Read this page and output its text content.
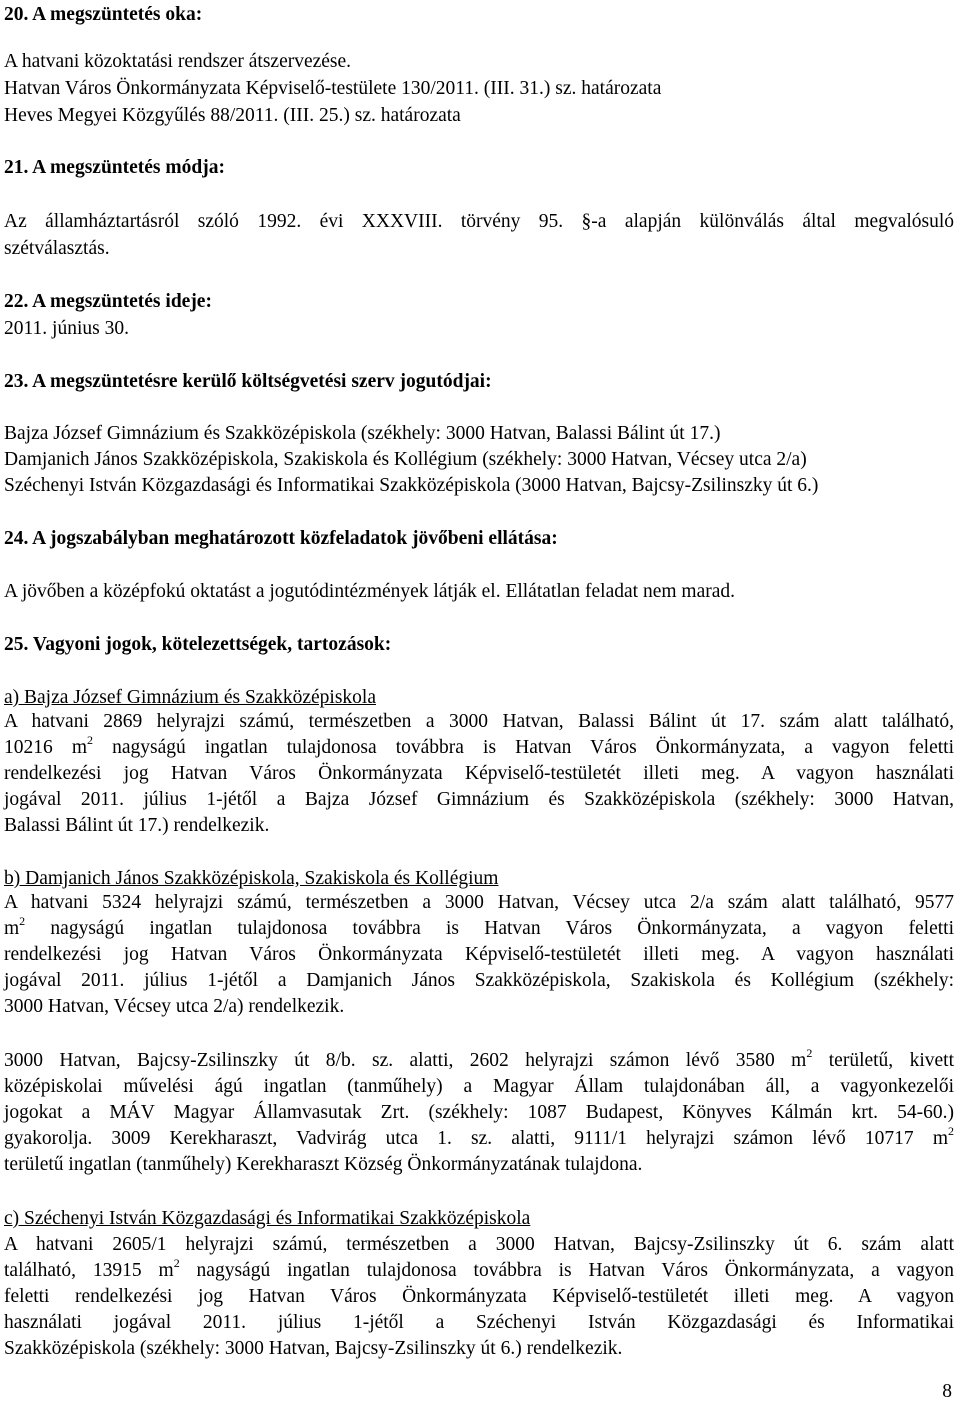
20. A megszüntetés oka:

A hatvani közoktatási rendszer átszervezése.

Hatvan Város Önkormányzata Képviselő-testülete 130/2011. (III. 31.) sz. határozata

Heves Megyei Közgyűlés 88/2011. (III. 25.) sz. határozata

21. A megszüntetés módja:

Az államháztartásról szóló 1992. évi XXXVIII. törvény 95. §-a alapján különválás által megvalósuló

szétválasztás.

22. A megszüntetés ideje:

2011. június 30.

23. A megszüntetésre kerülő költségvetési szerv jogutódjai:

Bajza József Gimnázium és Szakközépiskola (székhely: 3000 Hatvan, Balassi Bálint út 17.)

Damjanich János Szakközépiskola, Szakiskola és Kollégium (székhely: 3000 Hatvan, Vécsey utca 2/a)

Széchenyi István Közgazdasági és Informatikai Szakközépiskola (3000 Hatvan, Bajcsy-Zsilinszky út 6.)

24. A jogszabályban meghatározott közfeladatok jövőbeni ellátása:

A jövőben a középfokú oktatást a jogutódintézmények látják el. Ellátatlan feladat nem marad.

25. Vagyoni jogok, kötelezettségek, tartozások:

a) Bajza József Gimnázium és Szakközépiskola

A hatvani 2869 helyrajzi számú, természetben a 3000 Hatvan, Balassi Bálint út 17. szám alatt található,

10216 $m^2$ nagyságú ingatlan tulajdonosa továbbra is Hatvan Város Önkormányzata, a vagyon feletti

rendelkezési jog Hatvan Város Önkormányzata Képviselő-testületét illeti meg. A vagyon használati

jogával 2011. július 1-jétől a Bajza József Gimnázium és Szakközépiskola (székhely: 3000 Hatvan,

Balassi Bálint út 17.) rendelkezik.

b) Damjanich János Szakközépiskola, Szakiskola és Kollégium

A hatvani 5324 helyrajzi számú, természetben a 3000 Hatvan, Vécsey utca 2/a szám alatt található, 9577

$m^2$ nagyságú ingatlan tulajdonosa továbbra is Hatvan Város Önkormányzata, a vagyon feletti

rendelkezési jog Hatvan Város Önkormányzata Képviselő-testületét illeti meg. A vagyon használati

jogával 2011. július 1-jétől a Damjanich János Szakközépiskola, Szakiskola és Kollégium (székhely:

3000 Hatvan, Vécsey utca 2/a) rendelkezik.

3000 Hatvan, Bajcsy-Zsilinszky út 8/b. sz. alatti, 2602 helyrajzi számon lévő 3580 $m^2$ területű, kivett

középiskolai művelési ágú ingatlan (tanműhely) a Magyar Állam tulajdonában áll, a vagyonkezelői

jogokat a MÁV Magyar Államvasutak Zrt. (székhely: 1087 Budapest, Könyves Kálmán krt. 54-60.)

gyakorolja. 3009 Kerekharaszt, Vadvirág utca 1. sz. alatti, 9111/1 helyrajzi számon lévő 10717 $m^2$

területű ingatlan (tanműhely) Kerekharaszt Község Önkormányzatának tulajdona.

c) Széchenyi István Közgazdasági és Informatikai Szakközépiskola

A hatvani 2605/1 helyrajzi számú, természetben a 3000 Hatvan, Bajcsy-Zsilinszky út 6. szám alatt

található, 13915 $m^2$ nagyságú ingatlan tulajdonosa továbbra is Hatvan Város Önkormányzata, a vagyon

feletti rendelkezési jog Hatvan Város Önkormányzata Képviselő-testületét illeti meg. A vagyon

használati jogával 2011. július 1-jétől a Széchenyi István Közgazdasági és Informatikai

Szakközépiskola (székhely: 3000 Hatvan, Bajcsy-Zsilinszky út 6.) rendelkezik.

8
